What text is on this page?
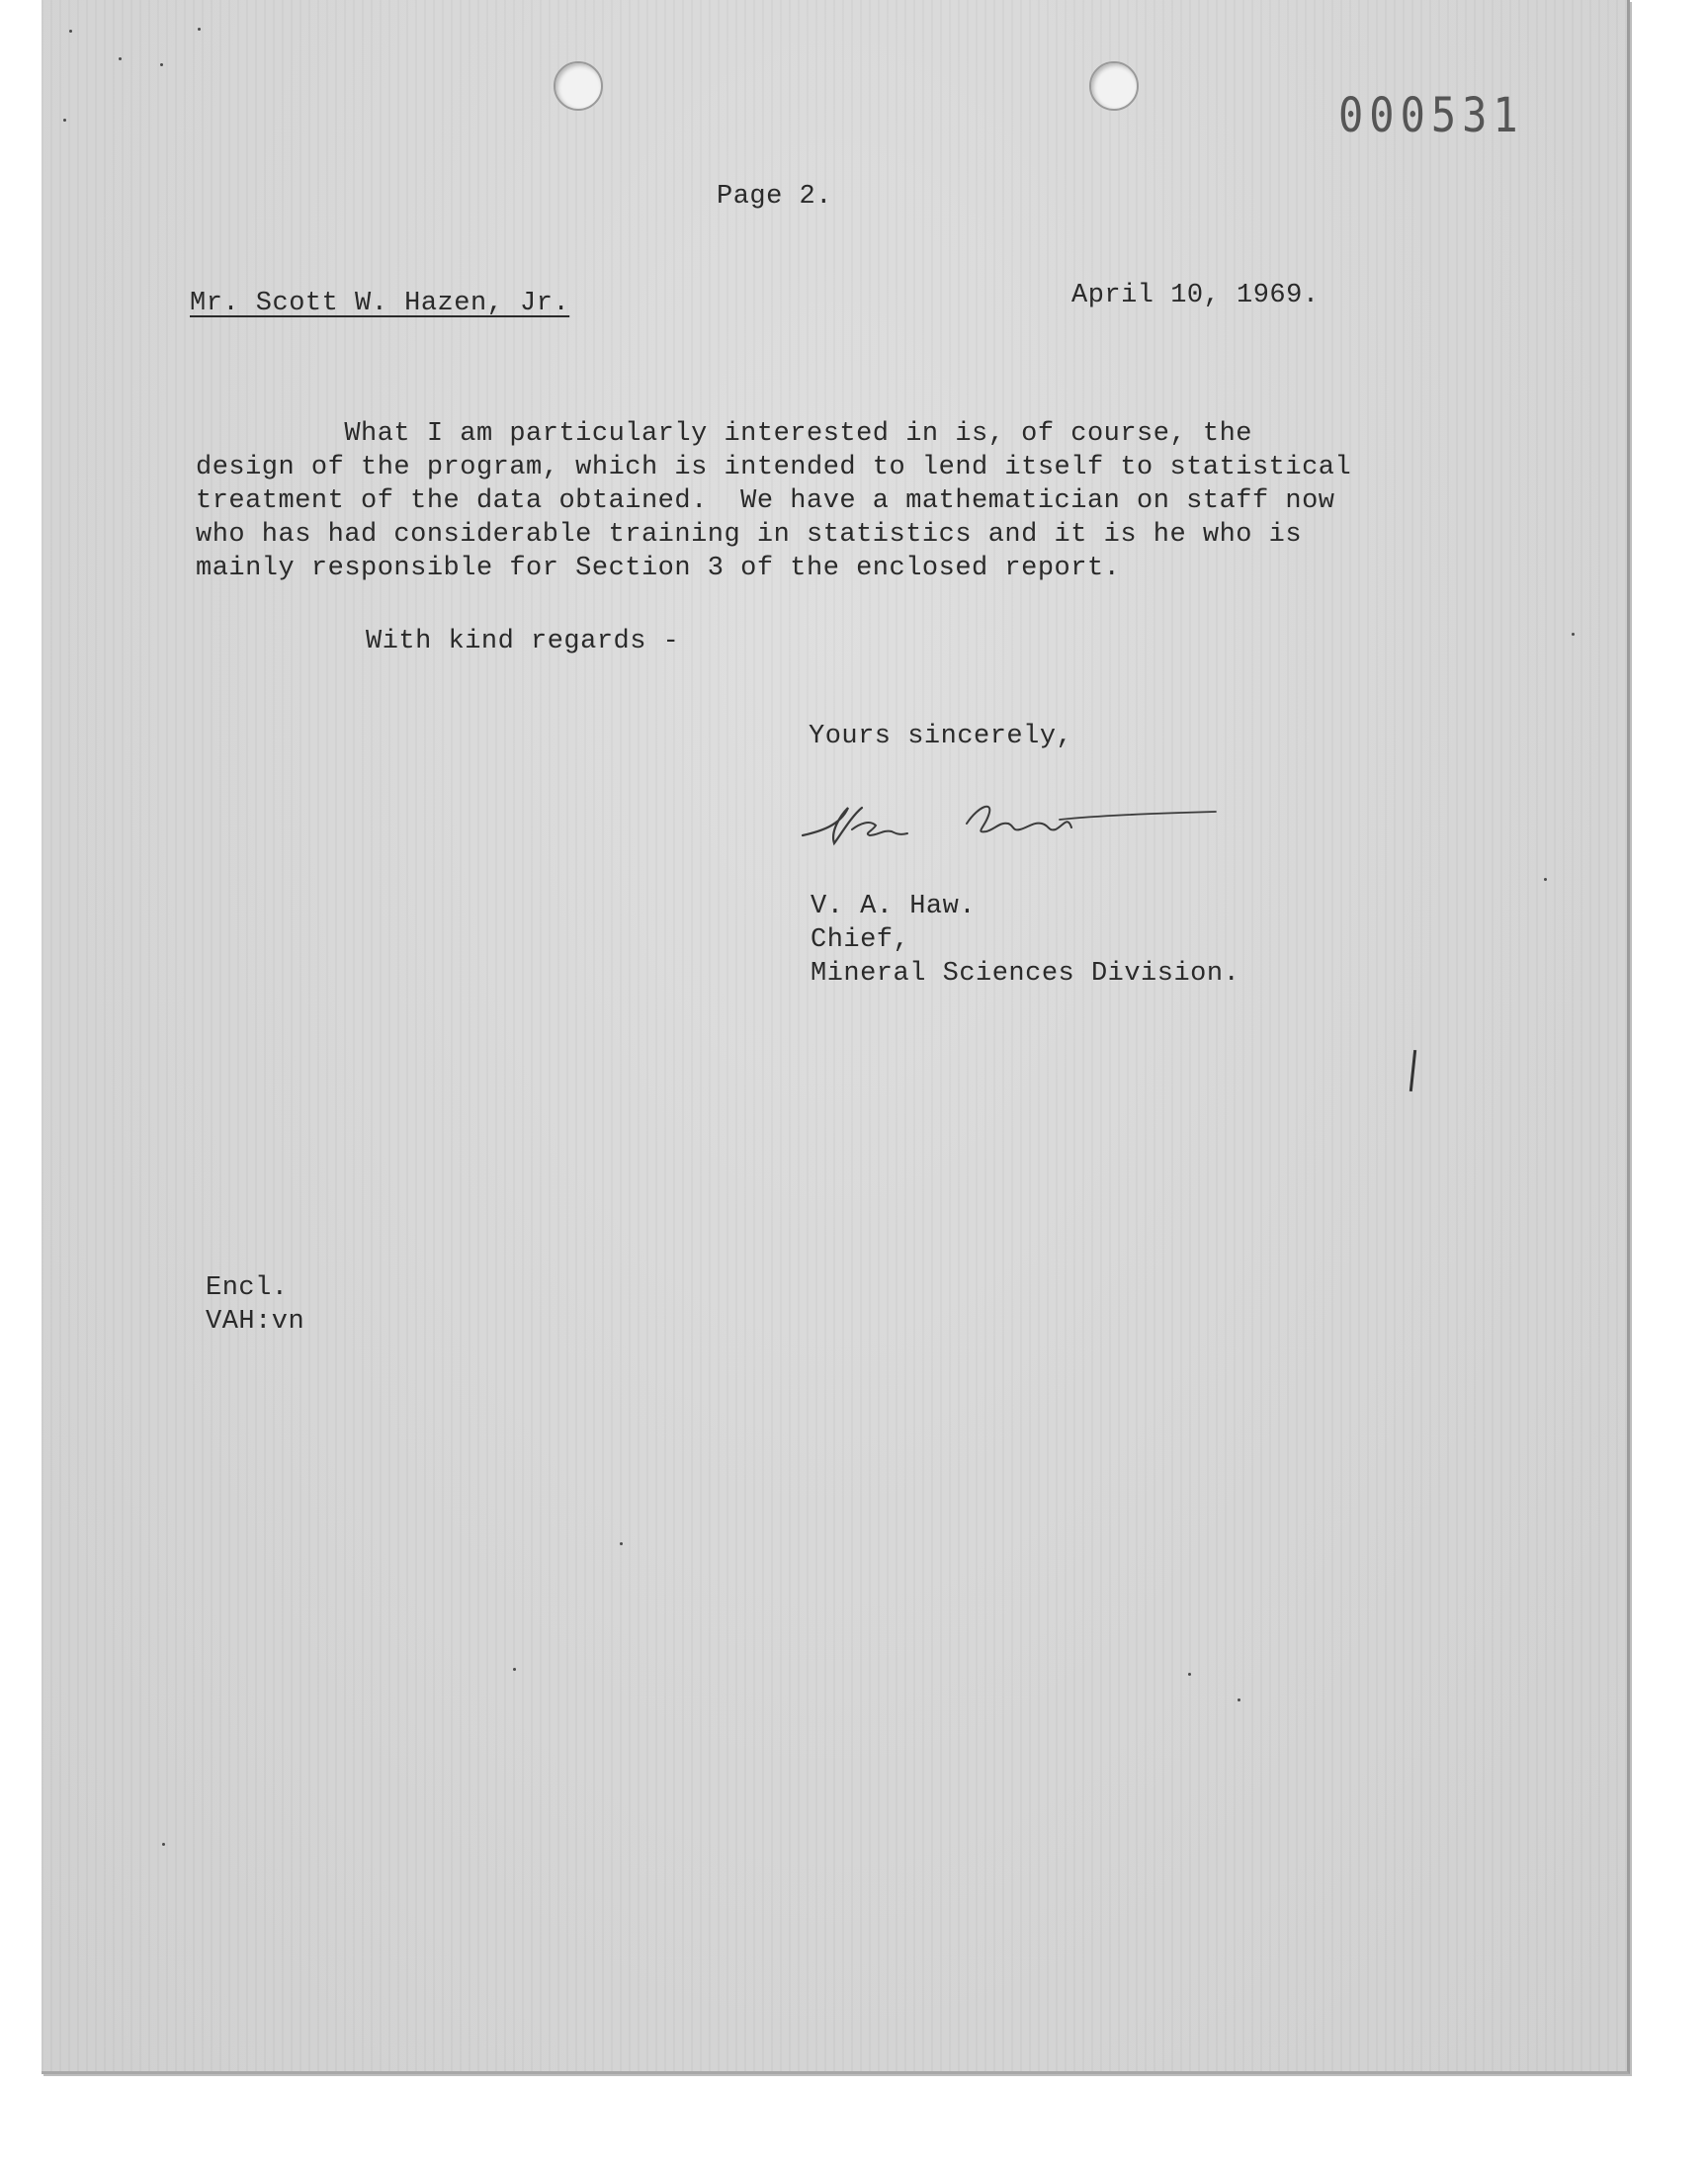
000531
Page 2.
Mr. Scott W. Hazen, Jr.	April 10, 1969.
What I am particularly interested in is, of course, the
design of the program, which is intended to lend itself to statistical
treatment of the data obtained.  We have a mathematician on staff now
who has had considerable training in statistics and it is he who is
mainly responsible for Section 3 of the enclosed report.
With kind regards -
Yours sincerely,
V. A. Haw.
Chief,
Mineral Sciences Division.
Encl.
VAH:vn
